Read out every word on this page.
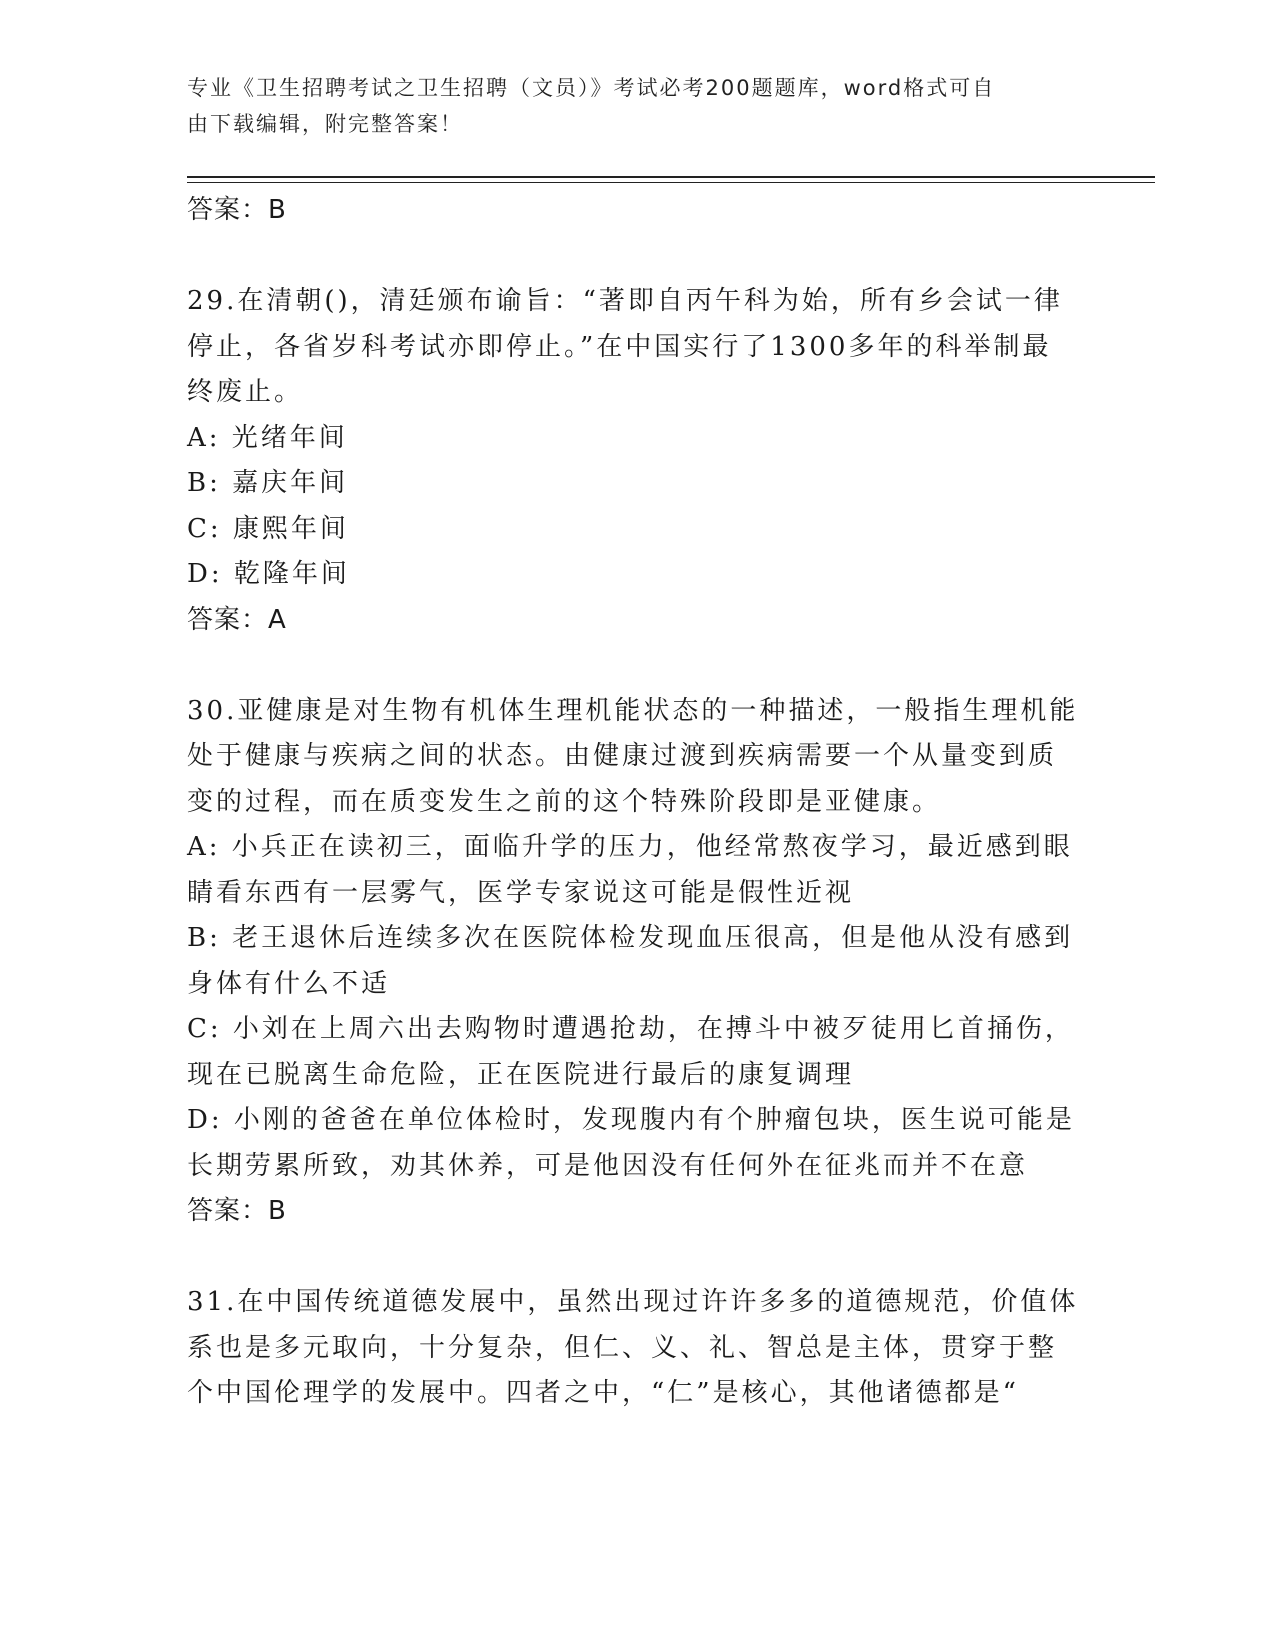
专业《卫生招聘考试之卫生招聘（文员）》考试必考200题题库，word格式可自
由下载编辑，附完整答案！
答案：B
29.在清朝()，清廷颁布谕旨：“著即自丙午科为始，所有乡会试一律
停止，各省岁科考试亦即停止。”在中国实行了1300多年的科举制最
终废止。
A: 光绪年间
B: 嘉庆年间
C: 康熙年间
D: 乾隆年间
答案：A
30.亚健康是对生物有机体生理机能状态的一种描述，一般指生理机能
处于健康与疾病之间的状态。由健康过渡到疾病需要一个从量变到质
变的过程，而在质变发生之前的这个特殊阶段即是亚健康。
A: 小兵正在读初三，面临升学的压力，他经常熬夜学习，最近感到眼
睛看东西有一层雾气，医学专家说这可能是假性近视
B: 老王退休后连续多次在医院体检发现血压很高，但是他从没有感到
身体有什么不适
C: 小刘在上周六出去购物时遭遇抢劫，在搏斗中被歹徒用匕首捅伤，
现在已脱离生命危险，正在医院进行最后的康复调理
D: 小刚的爸爸在单位体检时，发现腹内有个肿瘤包块，医生说可能是
长期劳累所致，劝其休养，可是他因没有任何外在征兆而并不在意
答案：B
31.在中国传统道德发展中，虽然出现过许许多多的道德规范，价值体
系也是多元取向，十分复杂，但仁、义、礼、智总是主体，贯穿于整
个中国伦理学的发展中。四者之中，“仁”是核心，其他诸德都是“
